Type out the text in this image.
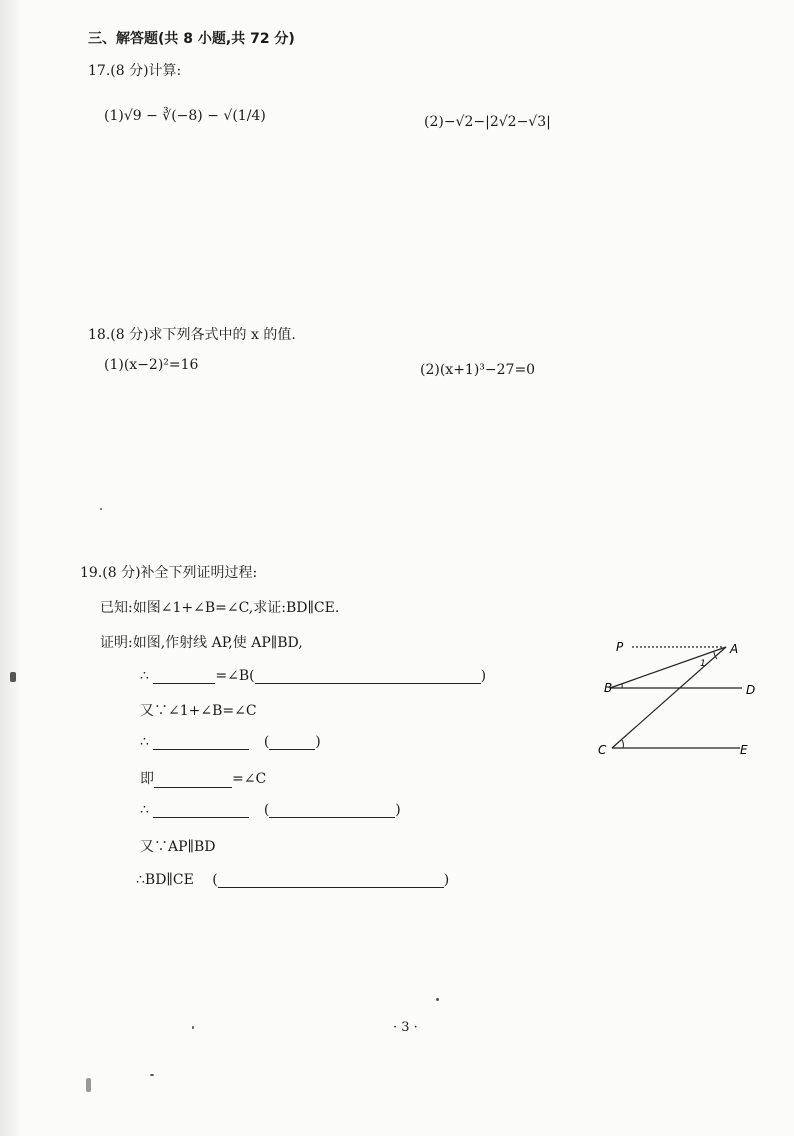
三、解答题(共 8 小题,共 72 分)
17.(8 分)计算:
(1)√9 − ∛(−8) − √(1/4)	(2)−√2−|2√2−√3|
18.(8 分)求下列各式中的 x 的值.
(1)(x−2)²=16	(2)(x+1)³−27=0
19.(8 分)补全下列证明过程:
已知:如图∠1+∠B=∠C,求证:BD∥CE.
证明:如图,作射线 AP,使 AP∥BD,
∴	=∠B(	)
又∵∠1+∠B=∠C
∴	(	)
即	=∠C
∴	(	)
又∵AP∥BD
∴BD∥CE (	)
P	A
B	D
C	E
1
· 3 ·
